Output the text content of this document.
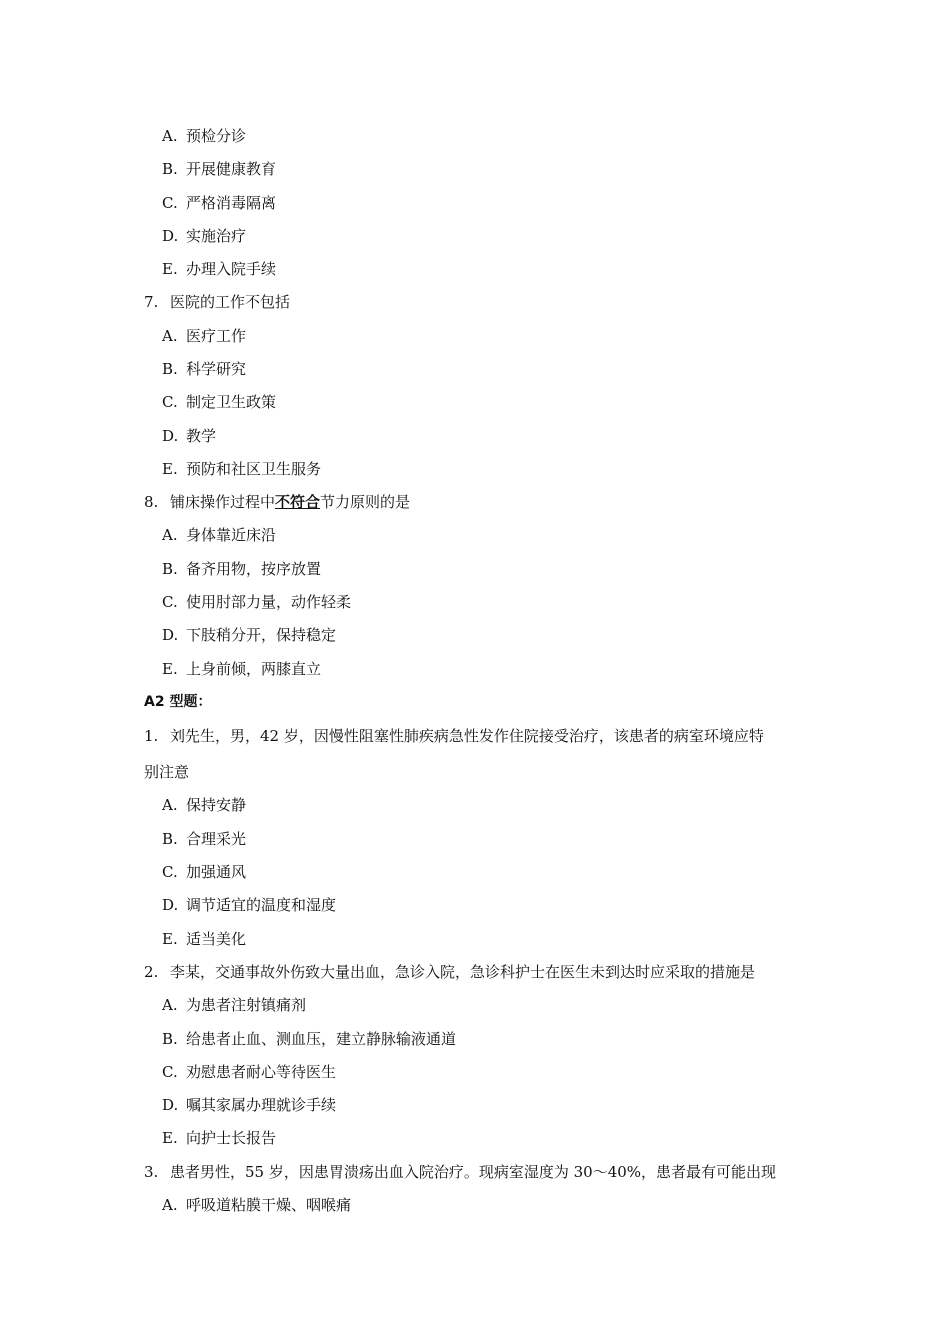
A. 预检分诊
B. 开展健康教育
C. 严格消毒隔离
D. 实施治疗
E. 办理入院手续
7. 医院的工作不包括
A. 医疗工作
B. 科学研究
C. 制定卫生政策
D. 教学
E. 预防和社区卫生服务
8. 铺床操作过程中不符合节力原则的是
A. 身体靠近床沿
B. 备齐用物，按序放置
C. 使用肘部力量，动作轻柔
D. 下肢稍分开，保持稳定
E. 上身前倾，两膝直立
A2 型题：
1. 刘先生，男，42 岁，因慢性阻塞性肺疾病急性发作住院接受治疗，该患者的病室环境应特
别注意
A. 保持安静
B. 合理采光
C. 加强通风
D. 调节适宜的温度和湿度
E. 适当美化
2. 李某，交通事故外伤致大量出血，急诊入院，急诊科护士在医生未到达时应采取的措施是
A. 为患者注射镇痛剂
B. 给患者止血、测血压，建立静脉输液通道
C. 劝慰患者耐心等待医生
D. 嘱其家属办理就诊手续
E. 向护士长报告
3. 患者男性，55 岁，因患胃溃疡出血入院治疗。现病室湿度为 30～40%，患者最有可能出现
A. 呼吸道粘膜干燥、咽喉痛
